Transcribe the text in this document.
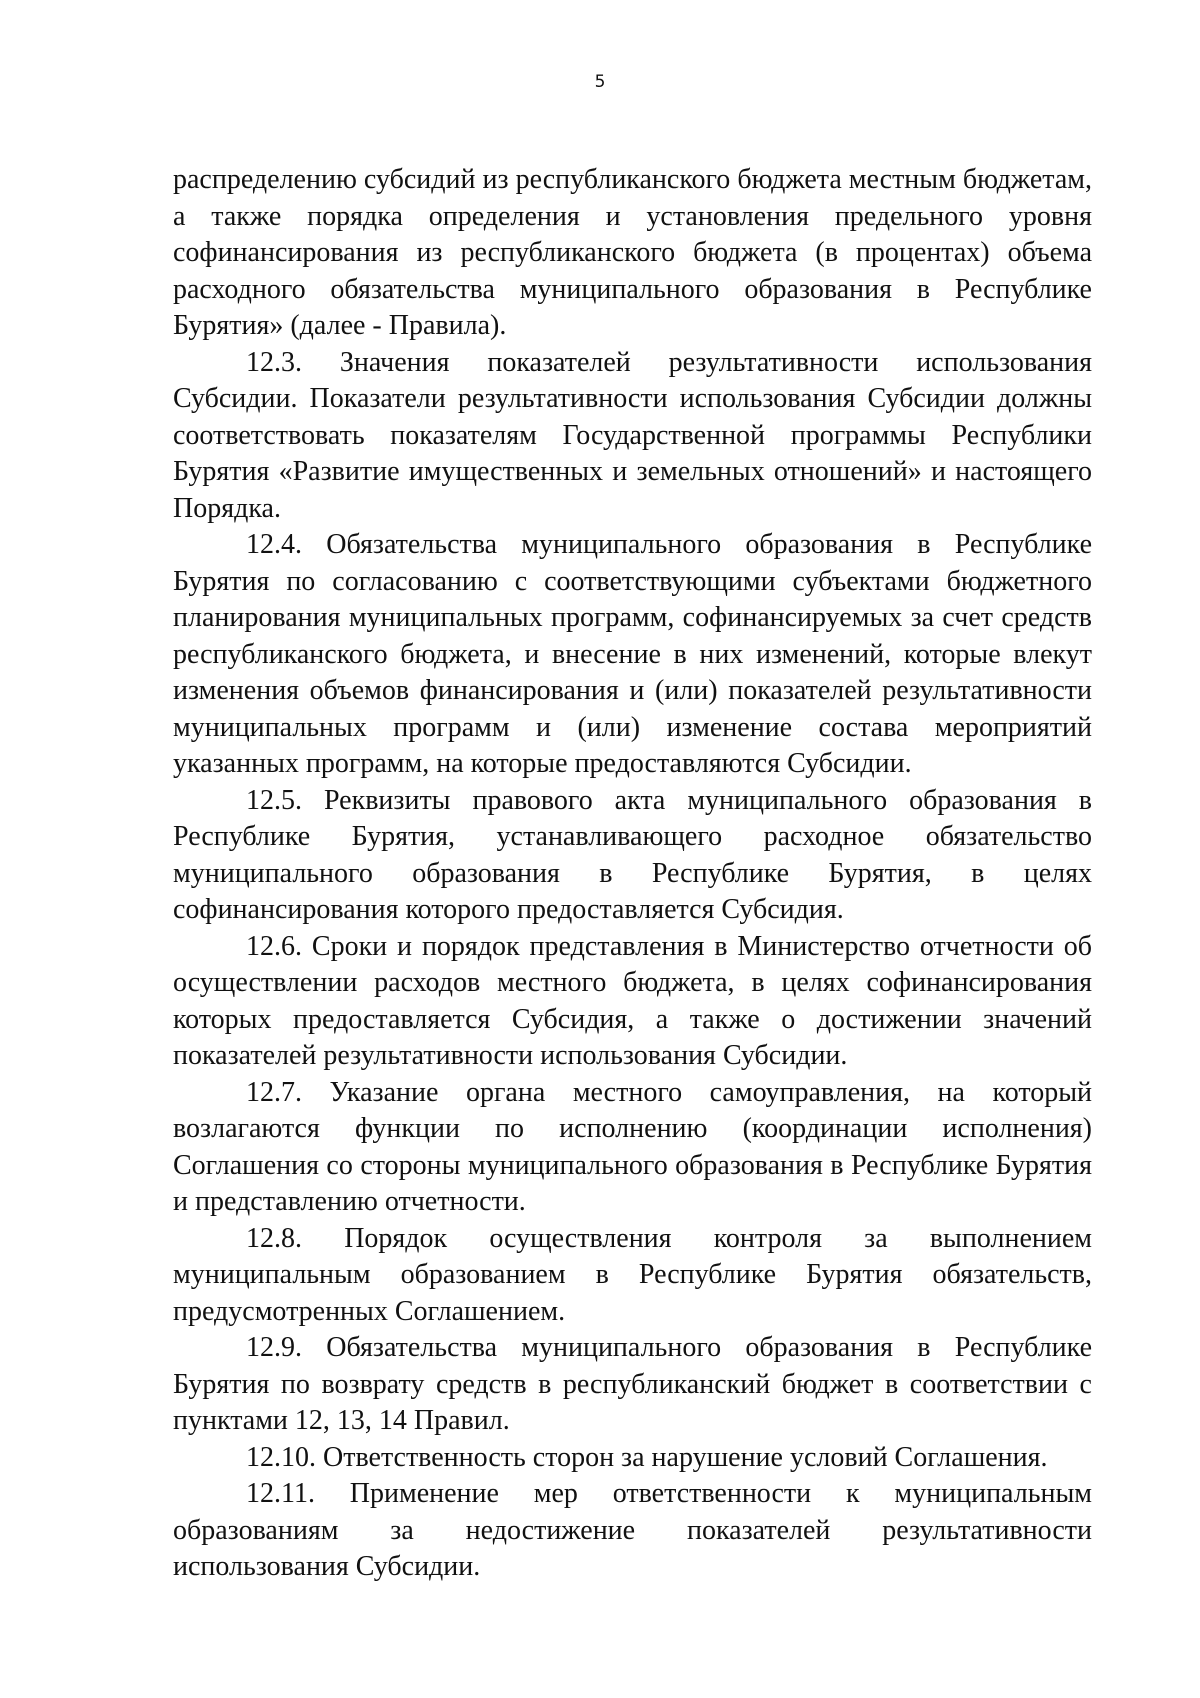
5

распределению субсидий из республиканского бюджета местным бюджетам, а также порядка определения и установления предельного уровня софинансирования из республиканского бюджета (в процентах) объема расходного обязательства муниципального образования в Республике Бурятия» (далее - Правила).

12.3. Значения показателей результативности использования Субсидии. Показатели результативности использования Субсидии должны соответствовать показателям Государственной программы Республики Бурятия «Развитие имущественных и земельных отношений» и настоящего Порядка.

12.4. Обязательства муниципального образования в Республике Бурятия по согласованию с соответствующими субъектами бюджетного планирования муниципальных программ, софинансируемых за счет средств республиканского бюджета, и внесение в них изменений, которые влекут изменения объемов финансирования и (или) показателей результативности муниципальных программ и (или) изменение состава мероприятий указанных программ, на которые предоставляются Субсидии.

12.5. Реквизиты правового акта муниципального образования в Республике Бурятия, устанавливающего расходное обязательство муниципального образования в Республике Бурятия, в целях софинансирования которого предоставляется Субсидия.

12.6. Сроки и порядок представления в Министерство отчетности об осуществлении расходов местного бюджета, в целях софинансирования которых предоставляется Субсидия, а также о достижении значений показателей результативности использования Субсидии.

12.7. Указание органа местного самоуправления, на который возлагаются функции по исполнению (координации исполнения) Соглашения со стороны муниципального образования в Республике Бурятия и представлению отчетности.

12.8. Порядок осуществления контроля за выполнением муниципальным образованием в Республике Бурятия обязательств, предусмотренных Соглашением.

12.9. Обязательства муниципального образования в Республике Бурятия по возврату средств в республиканский бюджет в соответствии с пунктами 12, 13, 14 Правил.

12.10. Ответственность сторон за нарушение условий Соглашения.

12.11. Применение мер ответственности к муниципальным образованиям за недостижение показателей результативности использования Субсидии.
